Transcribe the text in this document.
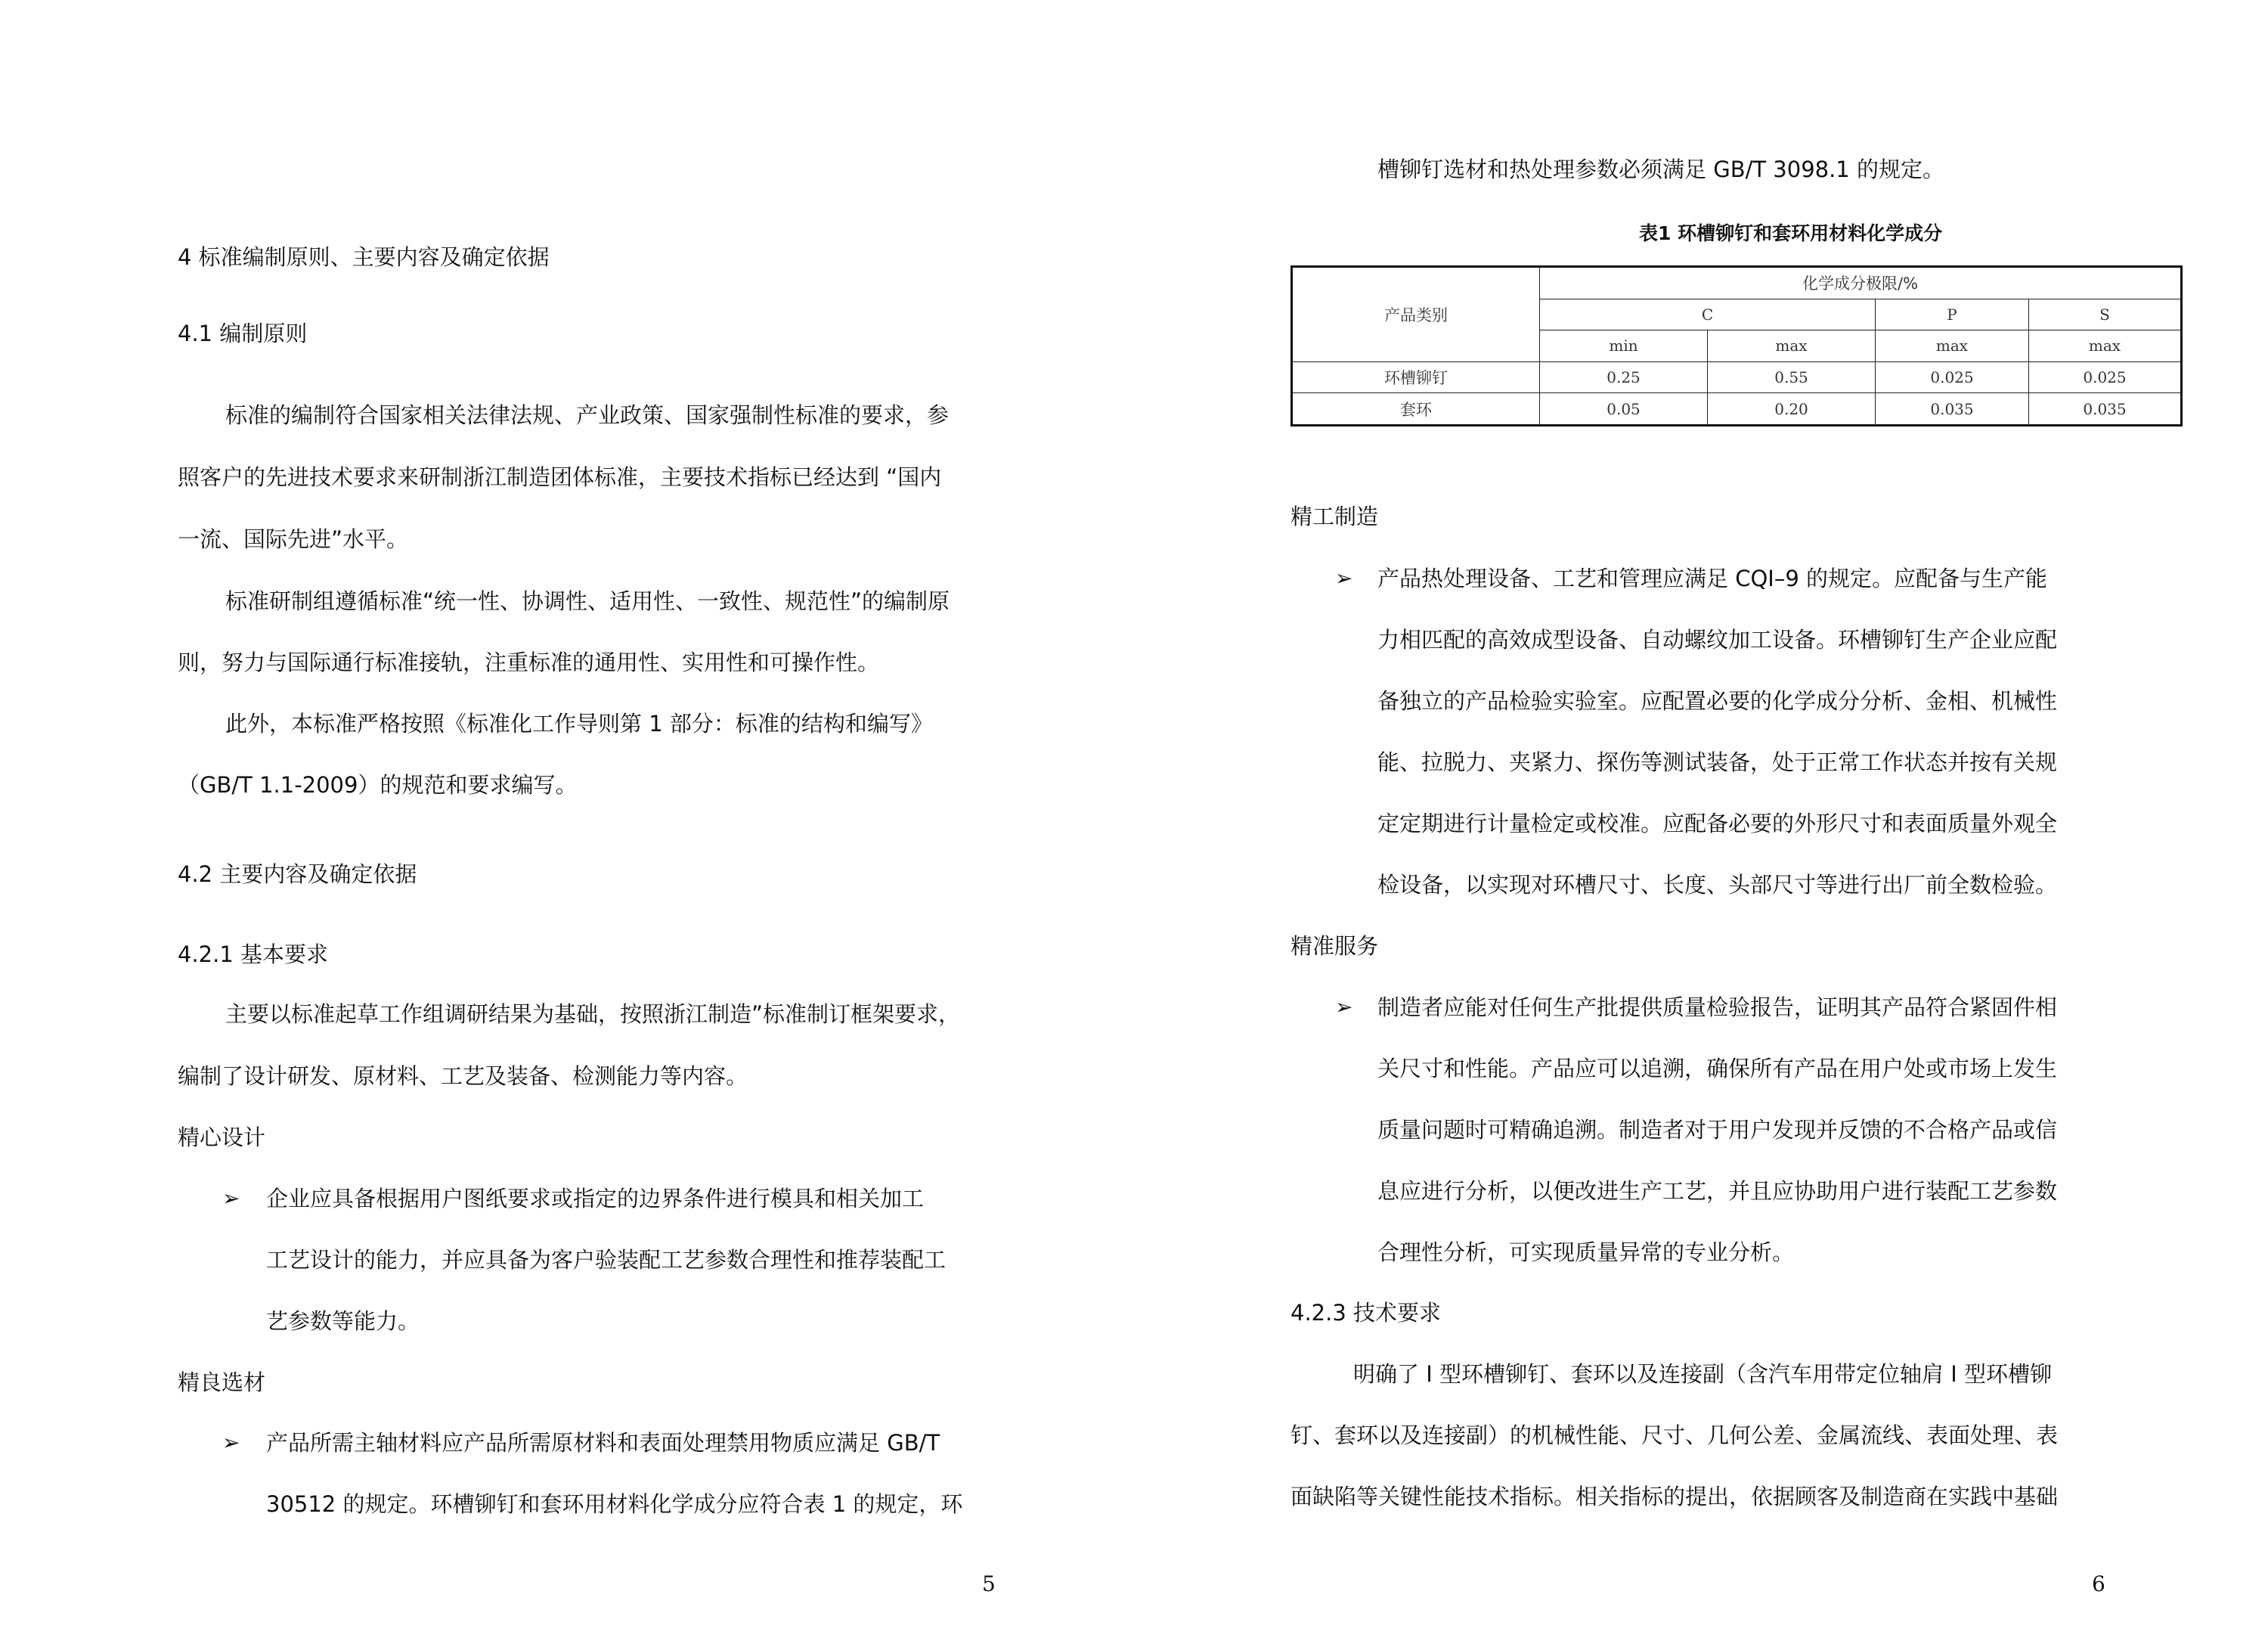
4 标准编制原则、主要内容及确定依据

4.1 编制原则

标准的编制符合国家相关法律法规、产业政策、国家强制性标准的要求，参

照客户的先进技术要求来研制浙江制造团体标准，主要技术指标已经达到 “国内

一流、国际先进”水平。

标准研制组遵循标准“统一性、协调性、适用性、一致性、规范性”的编制原

则，努力与国际通行标准接轨，注重标准的通用性、实用性和可操作性。

此外，本标准严格按照《标准化工作导则第 1 部分：标准的结构和编写》

（GB/T 1.1-2009）的规范和要求编写。

4.2 主要内容及确定依据

4.2.1 基本要求

主要以标准起草工作组调研结果为基础，按照浙江制造”标准制订框架要求，

编制了设计研发、原材料、工艺及装备、检测能力等内容。

精心设计

➢ 企业应具备根据用户图纸要求或指定的边界条件进行模具和相关加工

工艺设计的能力，并应具备为客户验装配工艺参数合理性和推荐装配工

艺参数等能力。

精良选材

➢ 产品所需主轴材料应产品所需原材料和表面处理禁用物质应满足 GB/T

30512 的规定。环槽铆钉和套环用材料化学成分应符合表 1 的规定，环

5

槽铆钉选材和热处理参数必须满足 GB/T 3098.1 的规定。

表1 环槽铆钉和套环用材料化学成分
产品类别	化学成分极限/%			
	C		P	S
	min	max	max	max
环槽铆钉	0.25	0.55	0.025	0.025
套环	0.05	0.20	0.035	0.035

精工制造

➢ 产品热处理设备、工艺和管理应满足 CQI–9 的规定。应配备与生产能

力相匹配的高效成型设备、自动螺纹加工设备。环槽铆钉生产企业应配

备独立的产品检验实验室。应配置必要的化学成分分析、金相、机械性

能、拉脱力、夹紧力、探伤等测试装备，处于正常工作状态并按有关规

定定期进行计量检定或校准。应配备必要的外形尺寸和表面质量外观全

检设备，以实现对环槽尺寸、长度、头部尺寸等进行出厂前全数检验。

精准服务

➢ 制造者应能对任何生产批提供质量检验报告，证明其产品符合紧固件相

关尺寸和性能。产品应可以追溯，确保所有产品在用户处或市场上发生

质量问题时可精确追溯。制造者对于用户发现并反馈的不合格产品或信

息应进行分析，以便改进生产工艺，并且应协助用户进行装配工艺参数

合理性分析，可实现质量异常的专业分析。

4.2.3 技术要求

明确了 Ⅰ 型环槽铆钉、套环以及连接副（含汽车用带定位轴肩 Ⅰ 型环槽铆

钉、套环以及连接副）的机械性能、尺寸、几何公差、金属流线、表面处理、表

面缺陷等关键性能技术指标。相关指标的提出，依据顾客及制造商在实践中基础

6
